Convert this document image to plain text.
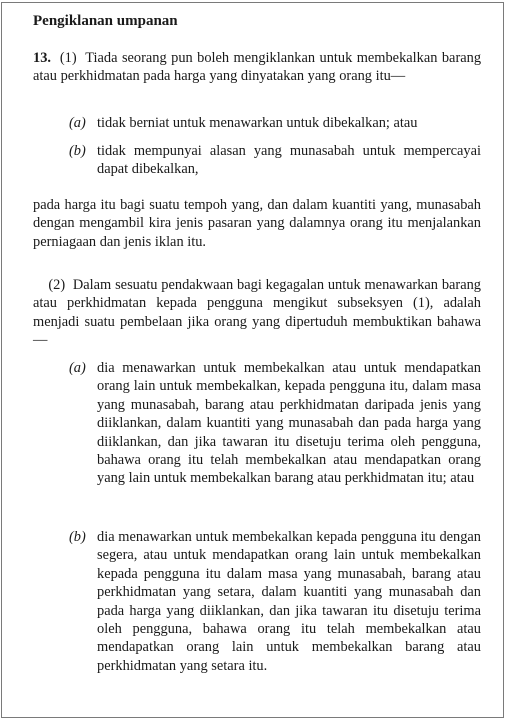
Pengiklanan umpanan

13. (1) Tiada seorang pun boleh mengiklankan untuk membekalkan barang atau perkhidmatan pada harga yang dinyatakan yang orang itu—

(a) tidak berniat untuk menawarkan untuk dibekalkan; atau
(b) tidak mempunyai alasan yang munasabah untuk mempercayai dapat dibekalkan,

pada harga itu bagi suatu tempoh yang, dan dalam kuantiti yang, munasabah dengan mengambil kira jenis pasaran yang dalamnya orang itu menjalankan perniagaan dan jenis iklan itu.

(2) Dalam sesuatu pendakwaan bagi kegagalan untuk menawarkan barang atau perkhidmatan kepada pengguna mengikut subseksyen (1), adalah menjadi suatu pembelaan jika orang yang dipertuduh membuktikan bahawa—

(a) dia menawarkan untuk membekalkan atau untuk mendapatkan orang lain untuk membekalkan, kepada pengguna itu, dalam masa yang munasabah, barang atau perkhidmatan daripada jenis yang diiklankan, dalam kuantiti yang munasabah dan pada harga yang diiklankan, dan jika tawaran itu disetuju terima oleh pengguna, bahawa orang itu telah membekalkan atau mendapatkan orang yang lain untuk membekalkan barang atau perkhidmatan itu; atau
(b) dia menawarkan untuk membekalkan kepada pengguna itu dengan segera, atau untuk mendapatkan orang lain untuk membekalkan kepada pengguna itu dalam masa yang munasabah, barang atau perkhidmatan yang setara, dalam kuantiti yang munasabah dan pada harga yang diiklankan, dan jika tawaran itu disetuju terima oleh pengguna, bahawa orang itu telah membekalkan atau mendapatkan orang lain untuk membekalkan barang atau perkhidmatan yang setara itu.
